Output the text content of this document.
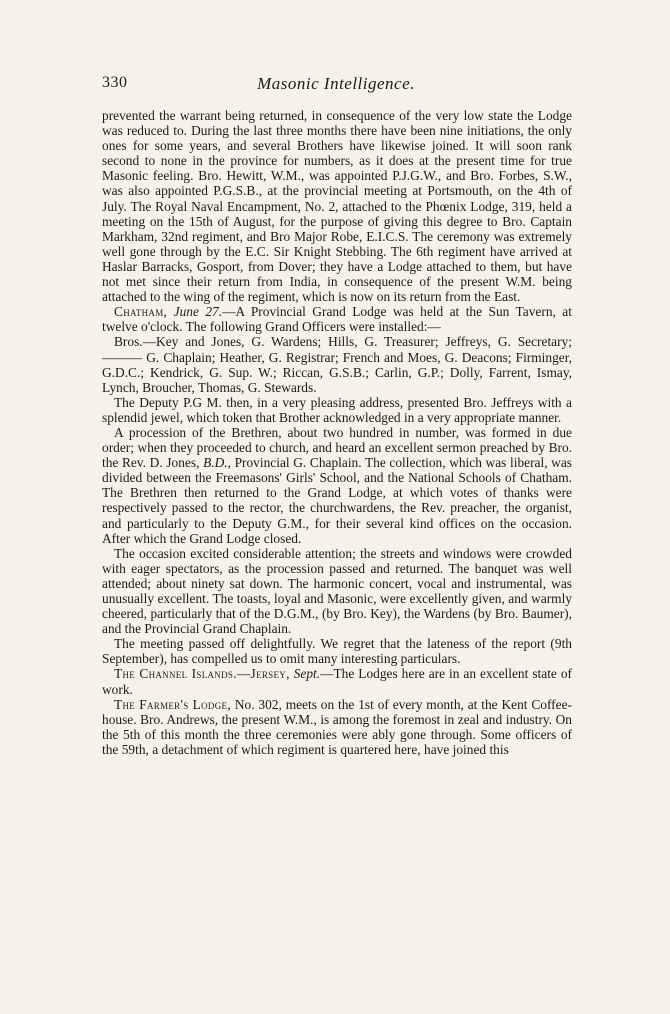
330	Masonic Intelligence.

prevented the warrant being returned, in consequence of the very low state the Lodge was reduced to. During the last three months there have been nine initiations, the only ones for some years, and several Brothers have likewise joined. It will soon rank second to none in the province for numbers, as it does at the present time for true Masonic feeling. Bro. Hewitt, W.M., was appointed P.J.G.W., and Bro. Forbes, S.W., was also appointed P.G.S.B., at the provincial meeting at Portsmouth, on the 4th of July. The Royal Naval Encampment, No. 2, attached to the Phœnix Lodge, 319, held a meeting on the 15th of August, for the purpose of giving this degree to Bro. Captain Markham, 32nd regiment, and Bro Major Robe, E.I.C.S. The ceremony was extremely well gone through by the E.C. Sir Knight Stebbing. The 6th regiment have arrived at Haslar Barracks, Gosport, from Dover; they have a Lodge attached to them, but have not met since their return from India, in consequence of the present W.M. being attached to the wing of the regiment, which is now on its return from the East.

Chatham, June 27.—A Provincial Grand Lodge was held at the Sun Tavern, at twelve o'clock. The following Grand Officers were installed:—

Bros.—Key and Jones, G. Wardens; Hills, G. Treasurer; Jeffreys, G. Secretary; ——— G. Chaplain; Heather, G. Registrar; French and Moes, G. Deacons; Firminger, G.D.C.; Kendrick, G. Sup. W.; Riccan, G.S.B.; Carlin, G.P.; Dolly, Farrent, Ismay, Lynch, Broucher, Thomas, G. Stewards.

The Deputy P.G M. then, in a very pleasing address, presented Bro. Jeffreys with a splendid jewel, which token that Brother acknowledged in a very appropriate manner.

A procession of the Brethren, about two hundred in number, was formed in due order; when they proceeded to church, and heard an excellent sermon preached by Bro. the Rev. D. Jones, B.D., Provincial G. Chaplain. The collection, which was liberal, was divided between the Freemasons' Girls' School, and the National Schools of Chatham. The Brethren then returned to the Grand Lodge, at which votes of thanks were respectively passed to the rector, the churchwardens, the Rev. preacher, the organist, and particularly to the Deputy G.M., for their several kind offices on the occasion. After which the Grand Lodge closed.

The occasion excited considerable attention; the streets and windows were crowded with eager spectators, as the procession passed and returned. The banquet was well attended; about ninety sat down. The harmonic concert, vocal and instrumental, was unusually excellent. The toasts, loyal and Masonic, were excellently given, and warmly cheered, particularly that of the D.G.M., (by Bro. Key), the Wardens (by Bro. Baumer), and the Provincial Grand Chaplain.

The meeting passed off delightfully. We regret that the lateness of the report (9th September), has compelled us to omit many interesting particulars.

The Channel Islands.—Jersey, Sept.—The Lodges here are in an excellent state of work.

The Farmer's Lodge, No. 302, meets on the 1st of every month, at the Kent Coffee-house. Bro. Andrews, the present W.M., is among the foremost in zeal and industry. On the 5th of this month the three ceremonies were ably gone through. Some officers of the 59th, a detachment of which regiment is quartered here, have joined this
